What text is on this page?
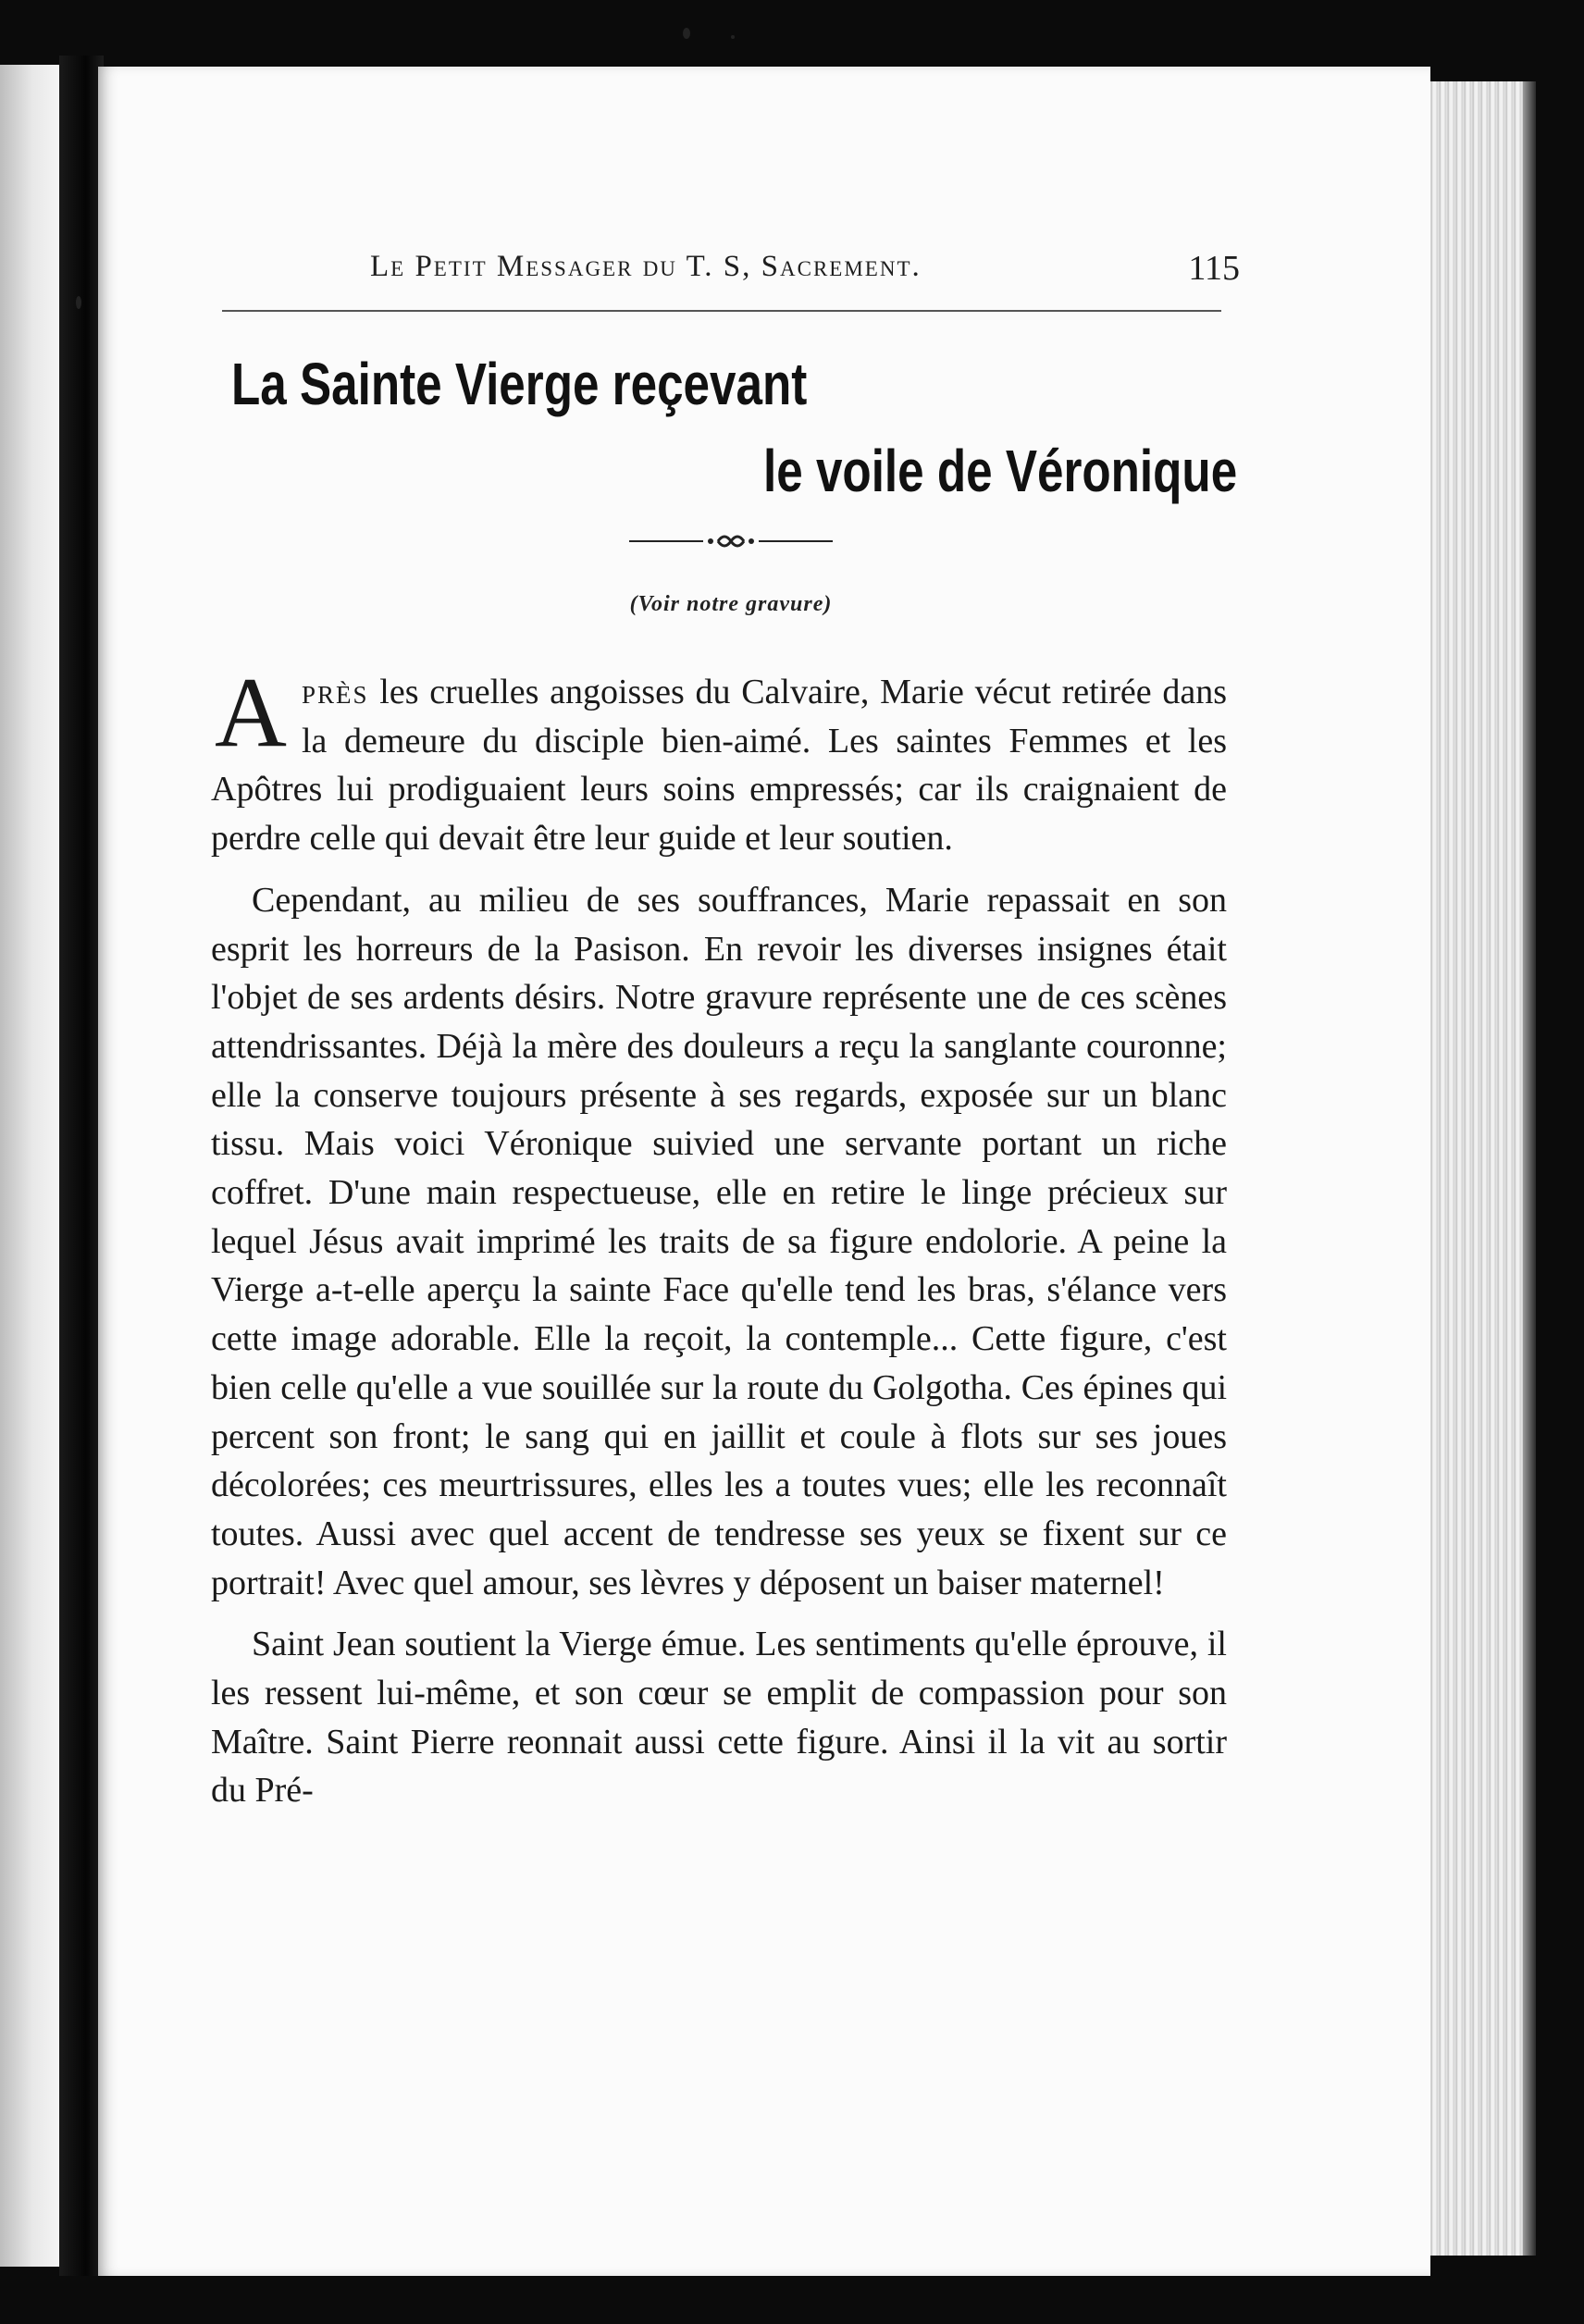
Le Petit Messager du T. S, Sacrement.	115
La Sainte Vierge reçevant
le voile de Véronique
(Voir notre gravure)

Après les cruelles angoisses du Calvaire, Marie vécut retirée dans la demeure du disciple bien-aimé. Les saintes Femmes et les Apôtres lui prodiguaient leurs soins empressés; car ils craignaient de perdre celle qui devait être leur guide et leur soutien.

Cependant, au milieu de ses souffrances, Marie repassait en son esprit les horreurs de la Pasison. En revoir les diverses insignes était l'objet de ses ardents désirs. Notre gravure représente une de ces scènes attendrissantes. Déjà la mère des douleurs a reçu la sanglante couronne; elle la conserve toujours présente à ses regards, exposée sur un blanc tissu. Mais voici Véronique suivied une servante portant un riche coffret. D'une main respectueuse, elle en retire le linge précieux sur lequel Jésus avait imprimé les traits de sa figure endolorie. A peine la Vierge a-t-elle aperçu la sainte Face qu'elle tend les bras, s'élance vers cette image adorable. Elle la reçoit, la contemple... Cette figure, c'est bien celle qu'elle a vue souillée sur la route du Golgotha. Ces épines qui percent son front; le sang qui en jaillit et coule à flots sur ses joues décolorées; ces meurtrissures, elles les a toutes vues; elle les reconnaît toutes. Aussi avec quel accent de tendresse ses yeux se fixent sur ce portrait! Avec quel amour, ses lèvres y déposent un baiser maternel!

Saint Jean soutient la Vierge émue. Les sentiments qu'elle éprouve, il les ressent lui-même, et son cœur se emplit de compassion pour son Maître. Saint Pierre reonnait aussi cette figure. Ainsi il la vit au sortir du Pré-
